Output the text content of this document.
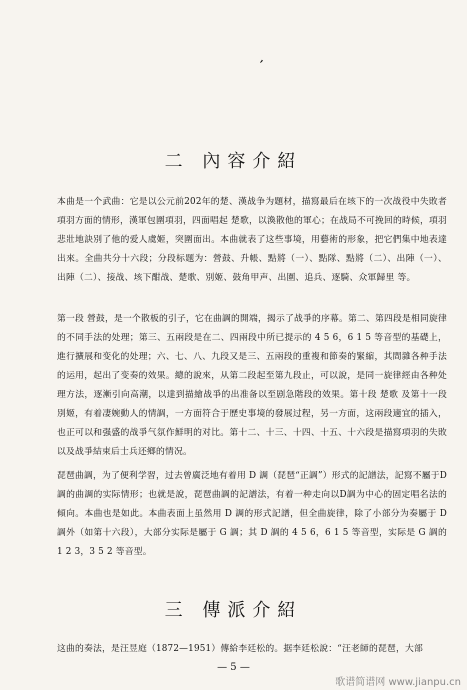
’
二 內容介紹

本曲是一个武曲：它是以公元前202年的楚、漢战争为題材，描寫最后在垓下的一次战役中失敗者項羽方面的情形，漢軍包圍項羽，四面唱起 楚歌，以渙散他的軍心；在战局不可挽回的時候，項羽悲壯地訣別了他的爱人虞姬，突圍面出。本曲就表了这些事境，用藝術的形象，把它們集中地表達出來。全曲共分十六段；分段标题为：營鼓、升帳、點將（一）、點隊、點將（二）、出陣（一）、出陣（二）、接战、垓下酣战、楚歌、別姬、鼓角甲声、出圍、追兵、逐騎、众軍歸里 等。

第一段 營鼓，是一个散板的引子，它在曲調的開端，揭示了战爭的序幕。第二、第四段是相同旋律的不同手法的处理；第三、五兩段是在二、四兩段中所已提示的 4 5 6，6 1 5 等音型的基礎上，進行擴展和变化的处理；六、七、八、九段又是三、五兩段的重複和節奏的緊縮，其間雜各种手法的运用，起出了变奏的效果。總的說來，从第二段起至第九段止，可以說，是同一旋律經由各种处理方法，逐漸引向高潮，以達到描繪战爭的出准备以至剧急階段的效果。第十段 楚歌 及第十一段 別姬，有着凄婉動人的情調，一方面符合于歷史事境的發展过程，另一方面，这兩段適宜的插入，也正可以和强盛的战爭气氛作鮮明的对比。第十二、十三、十四、十五、十六段是描寫項羽的失敗以及战爭結束后士兵还鄉的情况。

琵琶曲調，为了便利学習，过去曾廣泛地有着用 D 調（琵琶“正調”）形式的記譜法，記寫不屬于D調的曲調的实际情形；也就是說，琵琶曲調的記譜法，有着一种走向以D調为中心的固定唱名法的傾向。本曲也是如此。本曲表面上虽然用 D 調的形式記譜，但全曲旋律，除了小部分为奏屬于 D 調外（如第十六段），大部分实际是屬于 G 調；其 D 調的 4 5 6，6 1 5 等音型，实际是 G 調的 1 2 3，3 5 2 等音型。

三 傳派介紹

这曲的奏法，是汪昱庭（1872—1951）傳給李廷松的。据李廷松說：“汪老師的琵琶，大部

— 5 —
歌谱简谱网 www.jianpu.cn
